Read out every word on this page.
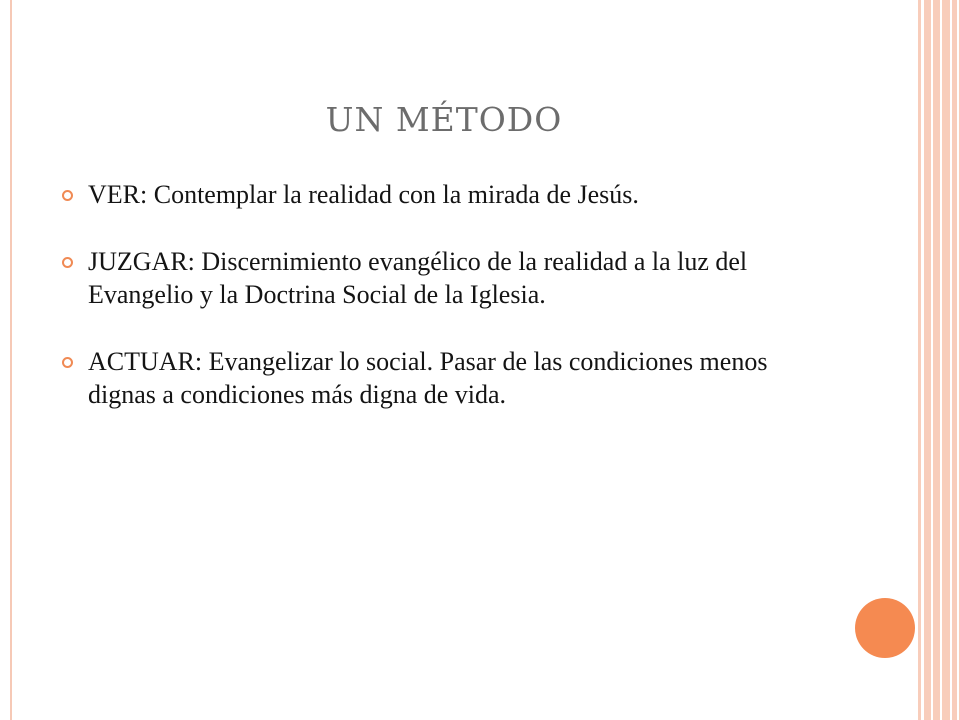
UN MÉTODO
VER: Contemplar la realidad con la mirada de Jesús.
JUZGAR: Discernimiento evangélico de la realidad a la luz del Evangelio y la Doctrina Social de la Iglesia.
ACTUAR: Evangelizar lo social. Pasar de las condiciones menos dignas a condiciones más digna de vida.
